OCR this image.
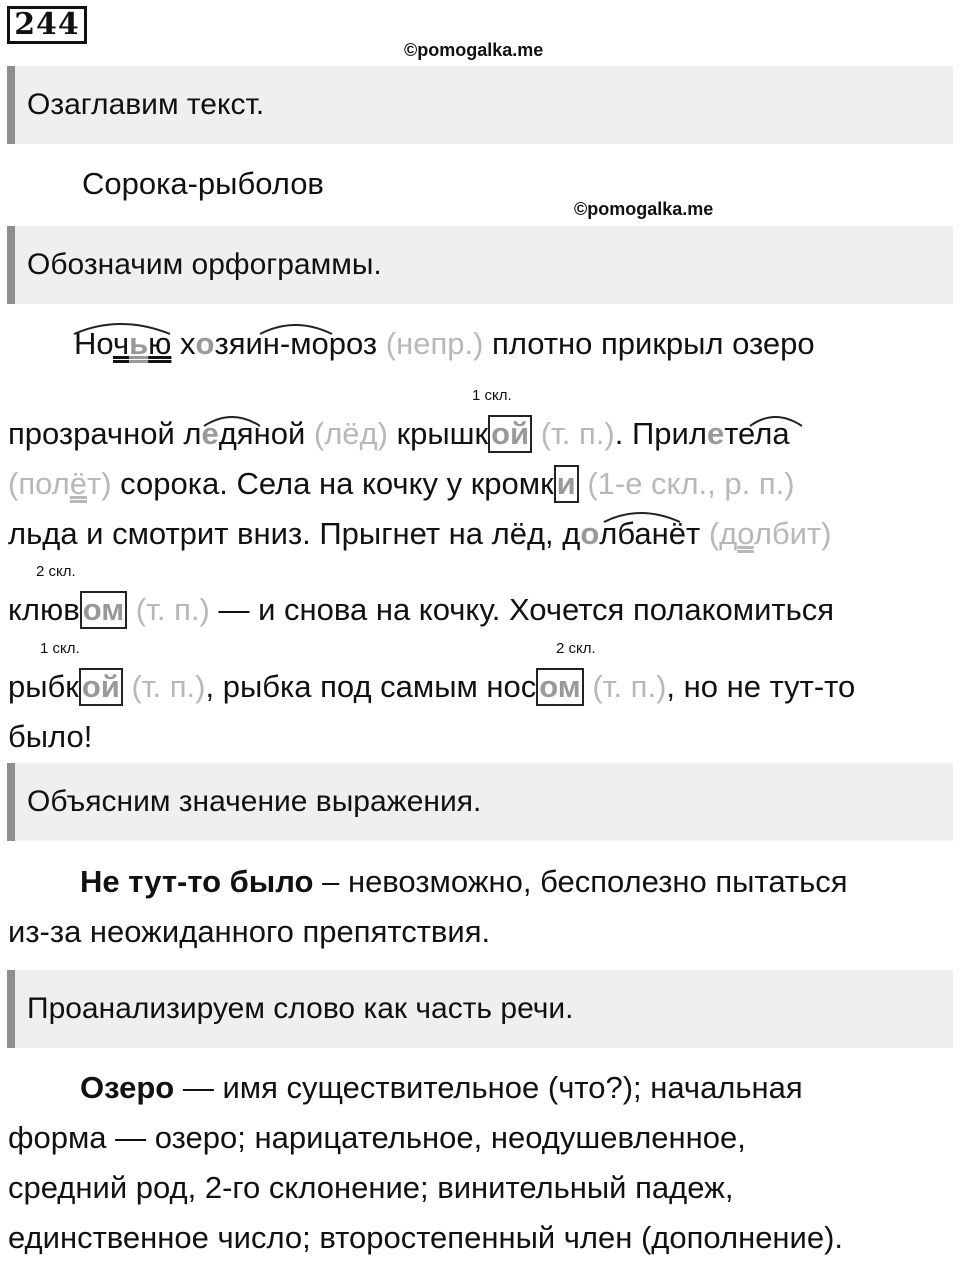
244
©pomogalka.me
Озаглавим текст.
Сорока-рыболов
©pomogalka.me
Обозначим орфограммы.
Ночью хозяин-мороз (непр.) плотно прикрыл озеро
1 скл.
прозрачной ледяной (лёд) крышкой (т. п.). Прилетела
(полёт) сорока. Села на кочку у кромки (1-е скл., р. п.)
льда и смотрит вниз. Прыгнет на лёд, долбанёт (долбит)
2 скл.
клювом (т. п.) — и снова на кочку. Хочется полакомиться
1 скл.	2 скл.
рыбкой (т. п.), рыбка под самым носом (т. п.), но не тут-то
было!
Объясним значение выражения.
Не тут-то было – невозможно, бесполезно пытаться
из-за неожиданного препятствия.
Проанализируем слово как часть речи.
Озеро — имя существительное (что?); начальная
форма — озеро; нарицательное, неодушевленное,
средний род, 2-го склонение; винительный падеж,
единственное число; второстепенный член (дополнение).
